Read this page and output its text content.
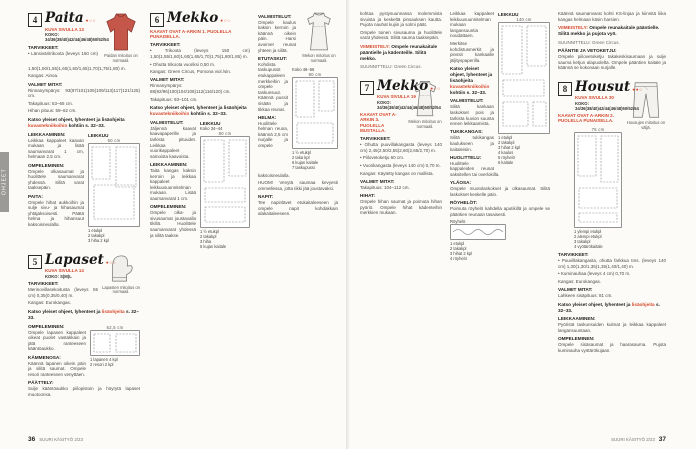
OHJEET
Paidan mitoitus on normaali.
4 Paita ●○○
KUVA SIVULLA 13
KOKO: 34/36(38/40)42/44(46/48)50/52/54
TARVIKKEET:
• Länsiväritrikoota (leveys 150 cm) 1,50(1,50/1,55)1,60(1,60/1,65)1,70(1,75/1,80) m.
Kangas: Ainoa.
VALMIIT MITAT:
Rinnanympärys: 93(97/101)105(109/113)117(121/125) cm.
Takapituus: 63–65 cm.
Hihan pituus: 59–62 cm.
Katso yleiset ohjeet, lyhenteet ja lisäohjeita kuvastekniikoihin kohtiin s. 32–33.
LEIKKUU
60 cm
1 etukpl
2 takakpl
3 hiha 2 kpl
LEIKKAAMINEN:
Leikkaa kappaleet kaavan mukaan ja lisää saumanvarat 1 cm, helmaan 2,5 cm.
OMPELEMINEN:
Ompele olkasaumat ja huolittele saumanvarat yhdessä. Silitä varat taaksepäin.
PAITA:
Ompele hihat aukkoihin ja sulje sivu- ja hihasaumat yhtäjaksoisesti. Päätä helma ja hihansuut kaksoisneulalla.
Lapasten mitoitus on normaali.
5 Lapaset ●○○
KUVA SIVULLA 14
KOKO: S(M)L
TARVIKKEET:
Merinovillasekoitusta (leveys 55 cm) 0,35(0,35/0,40) m.
Kangas: Eurokangas.
Katso yleiset ohjeet, lyhenteet ja lisäohjeita s. 32–33.
62,5 cm
1 lapanen 4 kpl
2 resori 2 kpl
OMPELEMINEN:
Ompele lapasen kappaleet oikeat puolet vastakkain ja jätä ranteeseen kääntöaukko.
KÄMMENOSA:
Käännä lapanen oikein päin ja silitä saumat. Ompele resori ranteeseen venyttäen.
PÄÄTTELY:
Sulje kääntöaukko piilopistoin ja höyrytä lapaset muotoonsa.
6 Mekko ●○○
KAAVAT OVAT A-ARKIN 1. PUOLELLA PUNAISELLA.
TARVIKKEET:
• Trikoota (leveys 150 cm) 1,50(1,55/1,60)1,60(1,65/1,70)1,75(1,80/1,85) m.
• Ohutta trikoota vuoriksi 0,50 m.
Kangas: Green Circus, Pomona viol./sin.
VALMIIT MITAT:
Rinnanympärys: 88(92/96)100(104/108)112(116/120) cm.
Takapituus: 93–101 cm.
Katso yleiset ohjeet, lyhenteet ja lisäohjeita kuvastekniikoihin kohtiin s. 32–33.
LEIKKUU
Koko 34–44
80 cm
1 ½ etukpl
2 takakpl
3 hiha
5 kujan kaitale
VALMISTELUT:
Jäljennä kaavat kaavapaperille ja tarkista pituudet. Leikkaa vuorikappaleet samoista kaavoista.
LEIKKAAMINEN:
Taita kangas kaksin kerroin ja leikkaa kappaleet leikkuusuunnitelman mukaan. Lisää saumanvarat 1 cm.
OMPELEMINEN:
Ompele olka- ja sivusaumat joustavalla tikillä. Huolittele saumanvarat yhdessä ja silitä taakse.
Mekon mitoitus on normaali.
VALMISTELUT:
Ompele kaulus kaksin kerroin ja käännä oikein päin. Harsi avoimet reunat yhteen ja silitä.
Koko 46–56
80 cm
1 ½ etukpl
2 taka kpl
6 kujan kaitale
7 taskupussi
ETUTASKUT:
Kohdista taskupussit etukappaleen merkkeihin ja ompele taskunsuut. Käännä pussit sisään ja tikkaa reunat.
HELMA:
Huolittele helman reuna, käännä 2,5 cm nurjalle ja ompele kaksoisneulalla.
HUOM! Venytä saumaa kevyesti ommellessa, jotta tikki jää joustavaksi.
NAPIT:
Tee napinlävet etukaitaleeseen ja ompele napit kohdakkain alakaitaleeseen.
kohtaa pystysuunnassa molemmista sivuista ja keskeltä pinsauksen kautta. Pujota nauhat kujiin ja solmi päät.
Ompele toinen sivusauma ja huolittele varat yhdessä. Silitä sauma taaksepäin.
VIIMEISTELY: Ompele reunakaitale pääntielle ja kädenteille. Silitä mekko.
SUUNNITTELU: Green Circus.
Mekon mitoitus on normaali.
7 Mekko ●○○
KUVA SIVULLA 19
KOKO: 34/36(38/40)42/44(46/48)50/52/54
KAAVAT OVAT A-ARKIN 3. PUOLELLA MUSTALLA.
TARVIKKEET:
• Ohutta puuvillakangasta (leveys 140 cm) 2,45(2,50/2,55)2,60(2,65/2,70) m.
• Piilovetoketju 60 cm.
• Vuorikangasta (leveys 140 cm) 0,70 m.
Kangas: Käytetty kangas on mallista.
VALMIIT MITAT:
Takapituus: 104–112 cm.
HIHAT:
Ompele hihan saumat ja poimuta hihan pyöriö. Ompele hihat kädenteihin merkkien mukaan.
LEIKKUU
140 cm
1 etukpl
2 takakpl
3 hihat 2 kpl
4 kaulus
5 röyhelö
6 kaitale
Leikkaa kappaleet leikkuusuunnitelman mukaan langansuuntia noudattaen.
Merkitse kohdistusmerkit ja pinssit kankaalle jäljityspaperilla.
Katso yleiset ohjeet, lyhenteet ja lisäohjeita kuvastekniikoihin kohtiin s. 32–33.
VALMISTELUT:
Silitä kankaan laskokset pois ja tarkista kuvion suunta ennen leikkaamista.
TUKIKANGAS:
Silitä tukikangas kaulukseen ja kaitaleisiin.
HUOLITTELU:
Huolittele kappaleiden reunat saksitellen tai overlokilla.
YLÄOSA:
Ompele muotolaskokset ja olkasaumat. Silitä laskokset keskelle päin.
RÖYHELÖT:
Poimuta röyhelö kahdella aputikillä ja ompele se pääntien reunaan tasaisesti.
Röyhelö
1 etukpl
2 takakpl
3 hihat 2 kpl
4 röyhelö
Käännä saumanvarat kohti KS-linjaa ja kiinnitä liika kangas helmaan käsin harsien.
VIIMEISTELY: Ompele reunakaitale pääntielle. Silitä mekko ja pujota vyö.
SUUNNITTELU: Green Circus.
PÄÄNTIE JA VETOKETJU:
Ompele piilovetoketju takakeskisaumaan ja sulje sauma ketjun alapuolelta. Ompele pääntien kaitale ja käännä se kokonaan nurjalle.
Housujen mitoitus on väljä.
8 Housut ●●○
KUVA SIVULLA 30
KOKO: 34/36(38/40)42/44(46/48)50/52/54
KAAVAT OVAT A-ARKIN 2. PUOLELLA PUNAISELLA.
75 cm
1 ylempi etukpl
2 alempi etukpl
3 takakpl
4 vyötärökaitale
TARVIKKEET:
• Puuvillakangasta, ohutta farkkua tms. (leveys 140 cm) 1,30(1,30/1,35)1,35(1,40/1,40) m.
• Kuminauhaa (leveys 4 cm) 0,70 m.
Kangas: Eurokangas.
VALMIIT MITAT:
Lahkeen sisäpituus: 81 cm.
Katso yleiset ohjeet, lyhenteet ja lisäohjeita s. 32–33.
LEIKKAAMINEN:
Pyöristä taskunsuiden kulmat ja leikkaa kappaleet langansuuntaan.
OMPELEMINEN:
Ompele sisäsaumat ja haarasauma. Pujota kuminauha vyötärökujaan.
36 SUURI KÄSITYÖ 2/23	SUURI KÄSITYÖ 2/23 37
